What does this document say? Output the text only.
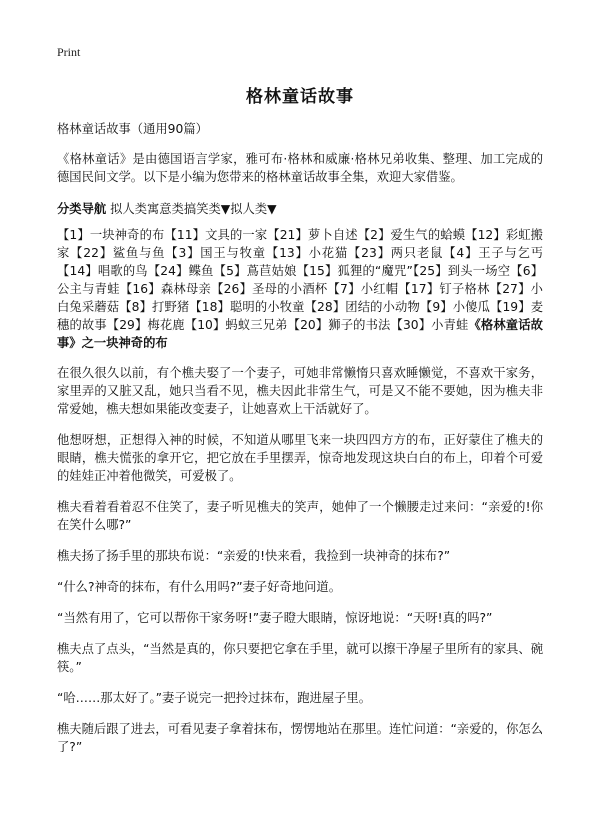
Print
格林童话故事

格林童话故事（通用90篇）

《格林童话》是由德国语言学家，雅可布·格林和威廉·格林兄弟收集、整理、加工完成的德国民间文学。以下是小编为您带来的格林童话故事全集，欢迎大家借鉴。

分类导航 拟人类寓意类搞笑类▼拟人类▼
【1】一块神奇的布【11】文具的一家【21】萝卜自述【2】爱生气的蛤蟆【12】彩虹搬家【22】鲨鱼与鱼【3】国王与牧童【13】小花猫【23】两只老鼠【4】王子与乞丐【14】唱歌的鸟【24】鲽鱼【5】蔦苣姑娘【15】狐狸的“魔咒”【25】到头一场空【6】公主与青蛙【16】森林母亲【26】圣母的小酒杯【7】小红帽【17】钉子格林【27】小白兔采蘑菇【8】打野猪【18】聪明的小牧童【28】团结的小动物【9】小傻瓜【19】麦穗的故事【29】梅花鹿【10】蚂蚁三兄弟【20】狮子的书法【30】小青蛙《格林童话故事》之一块神奇的布

在很久很久以前，有个樵夫娶了一个妻子，可她非常懒惰只喜欢睡懒觉，不喜欢干家务，家里弄的又脏又乱，她只当看不见，樵夫因此非常生气，可是又不能不要她，因为樵夫非常爱她，樵夫想如果能改变妻子，让她喜欢上干活就好了。

他想呀想，正想得入神的时候，不知道从哪里飞来一块四四方方的布，正好蒙住了樵夫的眼睛，樵夫慌张的拿开它，把它放在手里摆弄，惊奇地发现这块白白的布上，印着个可爱的娃娃正冲着他微笑，可爱极了。

樵夫看着看着忍不住笑了，妻子听见樵夫的笑声，她伸了一个懒腰走过来问：“亲爱的!你在笑什么哪?”

樵夫扬了扬手里的那块布说：“亲爱的!快来看，我捡到一块神奇的抹布?”

“什么?神奇的抹布，有什么用吗?”妻子好奇地问道。

“当然有用了，它可以帮你干家务呀!”妻子瞪大眼睛，惊讶地说：“天呀!真的吗?”

樵夫点了点头，“当然是真的，你只要把它拿在手里，就可以擦干净屋子里所有的家具、碗筷。”

“哈……那太好了。”妻子说完一把拎过抹布，跑进屋子里。

樵夫随后跟了进去，可看见妻子拿着抹布，愣愣地站在那里。连忙问道：“亲爱的，你怎么了?”
